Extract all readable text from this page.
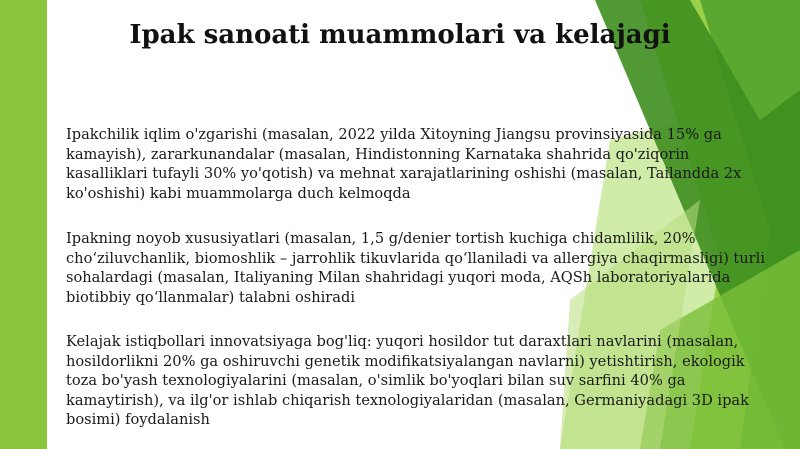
Ipak sanoati muammolari va kelajagi

Ipakchilik iqlim o'zgarishi (masalan, 2022 yilda Xitoyning Jiangsu provinsiyasida 15% ga kamayish), zararkunandalar (masalan, Hindistonning Karnataka shahrida qo'ziqorin kasalliklari tufayli 30% yo'qotish) va mehnat xarajatlarining oshishi (masalan, Tailandda 2x ko'oshishi) kabi muammolarga duch kelmoqda

Ipakning noyob xususiyatlari (masalan, 1,5 g/denier tortish kuchiga chidamlilik, 20% cho‘ziluvchanlik, biomoshlik – jarrohlik tikuvlarida qo‘llaniladi va allergiya chaqirmasligi) turli sohalardagi (masalan, Italiyaning Milan shahridagi yuqori moda, AQSh laboratoriyalarida biotibbiy qo‘llanmalar) talabni oshiradi

Kelajak istiqbollari innovatsiyaga bog'liq: yuqori hosildor tut daraxtlari navlarini (masalan, hosildorlikni 20% ga oshiruvchi genetik modifikatsiyalangan navlarni) yetishtirish, ekologik toza bo'yash texnologiyalarini (masalan, o'simlik bo'yoqlari bilan suv sarfini 40% ga kamaytirish), va ilg'or ishlab chiqarish texnologiyalaridan (masalan, Germaniyadagi 3D ipak bosimi) foydalanish
